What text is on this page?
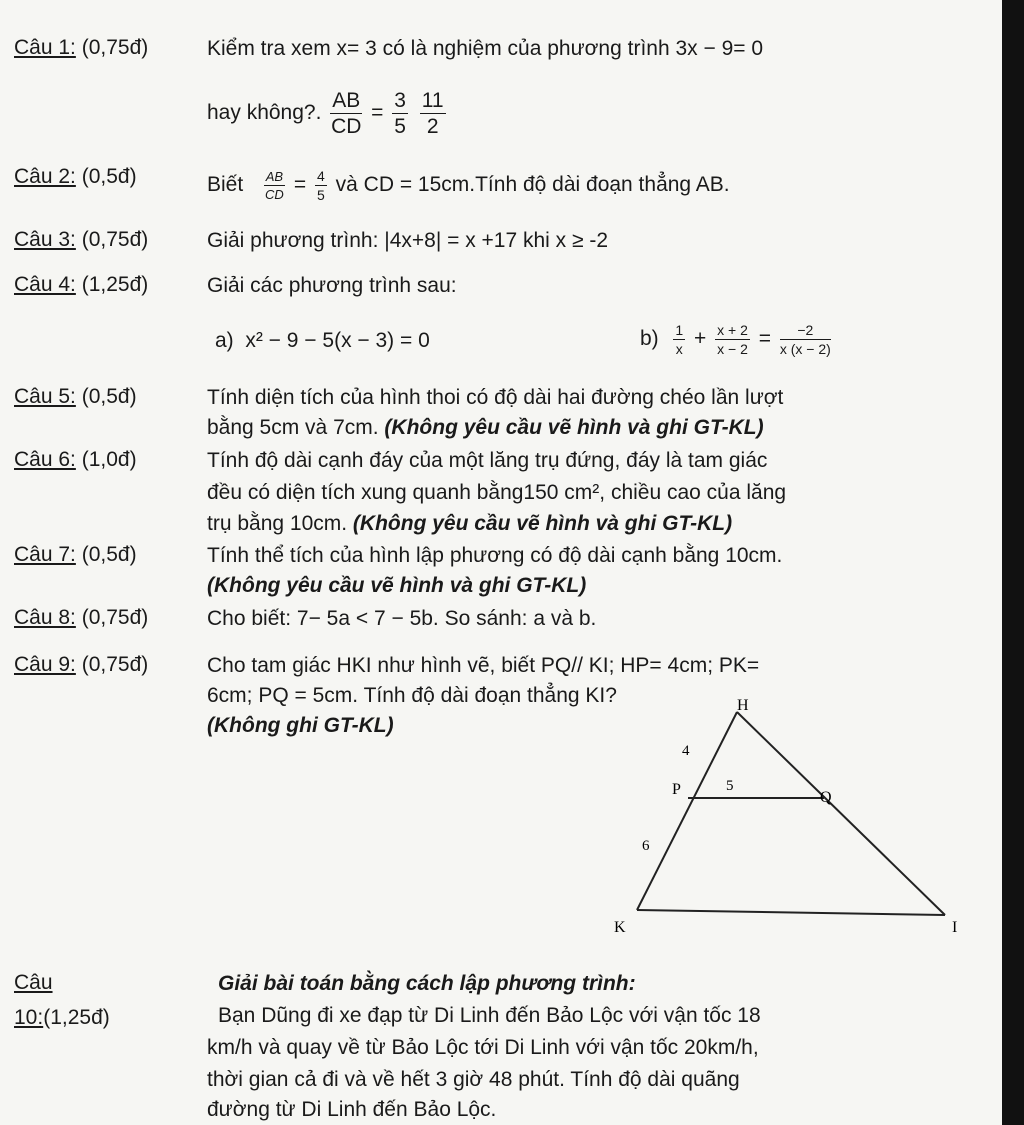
Câu 1: (0,75đ)	Kiểm tra xem x= 3 có là nghiệm của phương trình 3x − 9= 0
hay không?. $\frac{AB}{CD} = \frac{3}{5}$
$\frac{11}{2}$
Câu 2: (0,5đ)	Biết $\frac{AB}{CD} = \frac{4}{5}$ và CD = 15cm.Tính độ dài đoạn thẳng AB.
Câu 3: (0,75đ)	Giải phương trình: |4x+8| = x +17 khi x ≥ -2
Câu 4: (1,25đ)	Giải các phương trình sau:
a) x² − 9 − 5(x − 3) = 0	$b) \frac{1}{x} + \frac{x + 2}{x - 2} = \frac{-2}{x (x - 2)}$
Câu 5: (0,5đ)	Tính diện tích của hình thoi có độ dài hai đường chéo lần lượt
bằng 5cm và 7cm. (Không yêu cầu vẽ hình và ghi GT-KL)
Câu 6: (1,0đ)	Tính độ dài cạnh đáy của một lăng trụ đứng, đáy là tam giác
đều có diện tích xung quanh bằng150 cm², chiều cao của lăng
trụ bằng 10cm. (Không yêu cầu vẽ hình và ghi GT-KL)
Câu 7: (0,5đ)	Tính thể tích của hình lập phương có độ dài cạnh bằng 10cm.
(Không yêu cầu vẽ hình và ghi GT-KL)
Câu 8: (0,75đ)	Cho biết: 7− 5a < 7 − 5b. So sánh: a và b.
Câu 9: (0,75đ)	Cho tam giác HKI như hình vẽ, biết PQ// KI; HP= 4cm; PK=
6cm; PQ = 5cm. Tính độ dài đoạn thẳng KI?
(Không ghi GT-KL)
H
P	Q
K	I
4
5
6
Câu
10:(1,25đ)
Giải bài toán bằng cách lập phương trình:
Bạn Dũng đi xe đạp từ Di Linh đến Bảo Lộc với vận tốc 18
km/h và quay về từ Bảo Lộc tới Di Linh với vận tốc 20km/h,
thời gian cả đi và về hết 3 giờ 48 phút. Tính độ dài quãng
đường từ Di Linh đến Bảo Lộc.
